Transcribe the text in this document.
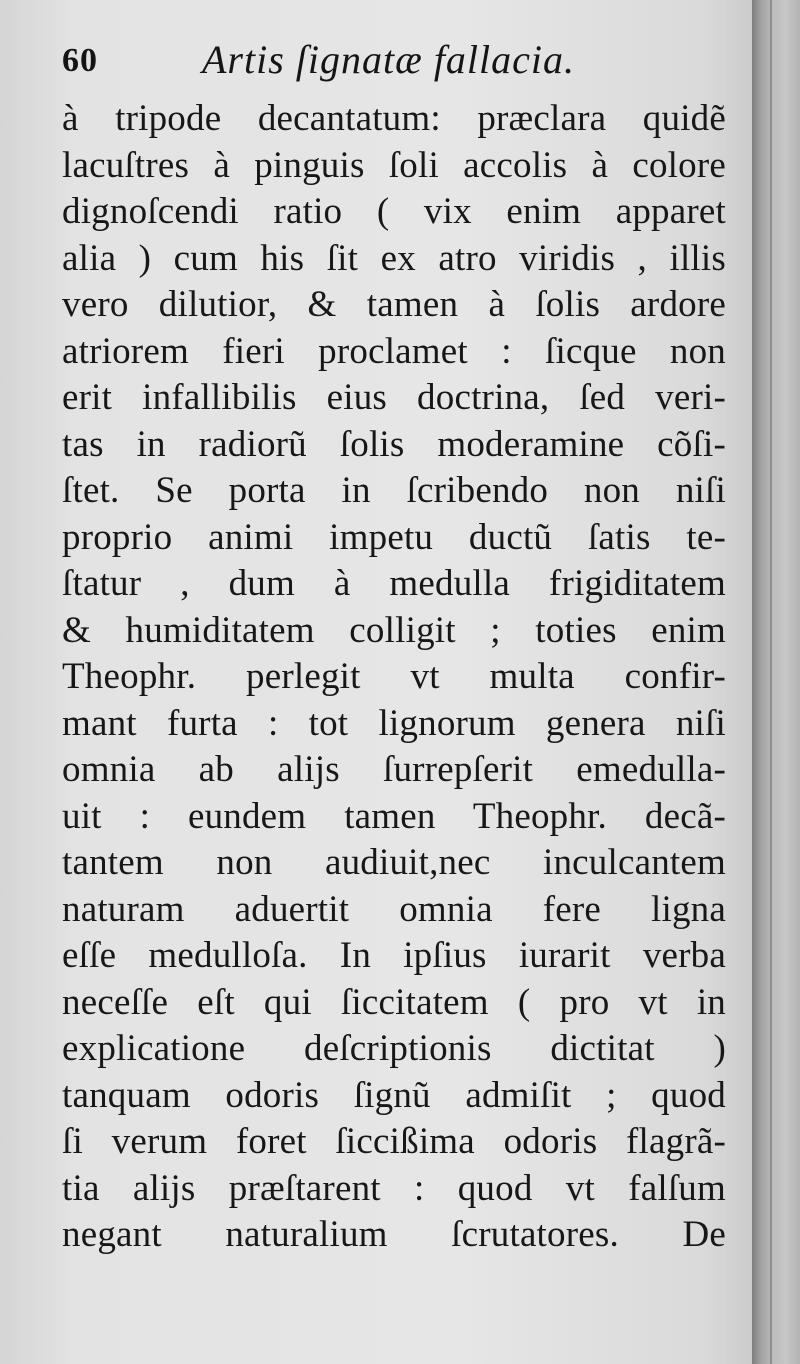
60	Artis ſignatæ fallacia.
à tripode decantatum: præclara quidẽ
lacuſtres à pinguis ſoli accolis à colore
dignoſcendi ratio ( vix enim apparet
alia ) cum his ſit ex atro viridis , illis
vero dilutior, & tamen à ſolis ardore
atriorem fieri proclamet : ſicque non
erit infallibilis eius doctrina, ſed veri-
tas in radiorũ ſolis moderamine cõſi-
ſtet. Se porta in ſcribendo non niſi
proprio animi impetu ductũ ſatis te-
ſtatur , dum à medulla frigiditatem
& humiditatem colligit ; toties enim
Theophr. perlegit vt multa confir-
mant furta : tot lignorum genera niſi
omnia ab alijs ſurrepſerit emedulla-
uit : eundem tamen Theophr. decã-
tantem non audiuit,nec inculcantem
naturam aduertit omnia fere ligna
eſſe medulloſa. In ipſius iurarit verba
neceſſe eſt qui ſiccitatem ( pro vt in
explicatione deſcriptionis dictitat )
tanquam odoris ſignũ admiſit ; quod
ſi verum foret ſiccißima odoris flagrã-
tia alijs præſtarent : quod vt falſum
negant naturalium ſcrutatores. De
